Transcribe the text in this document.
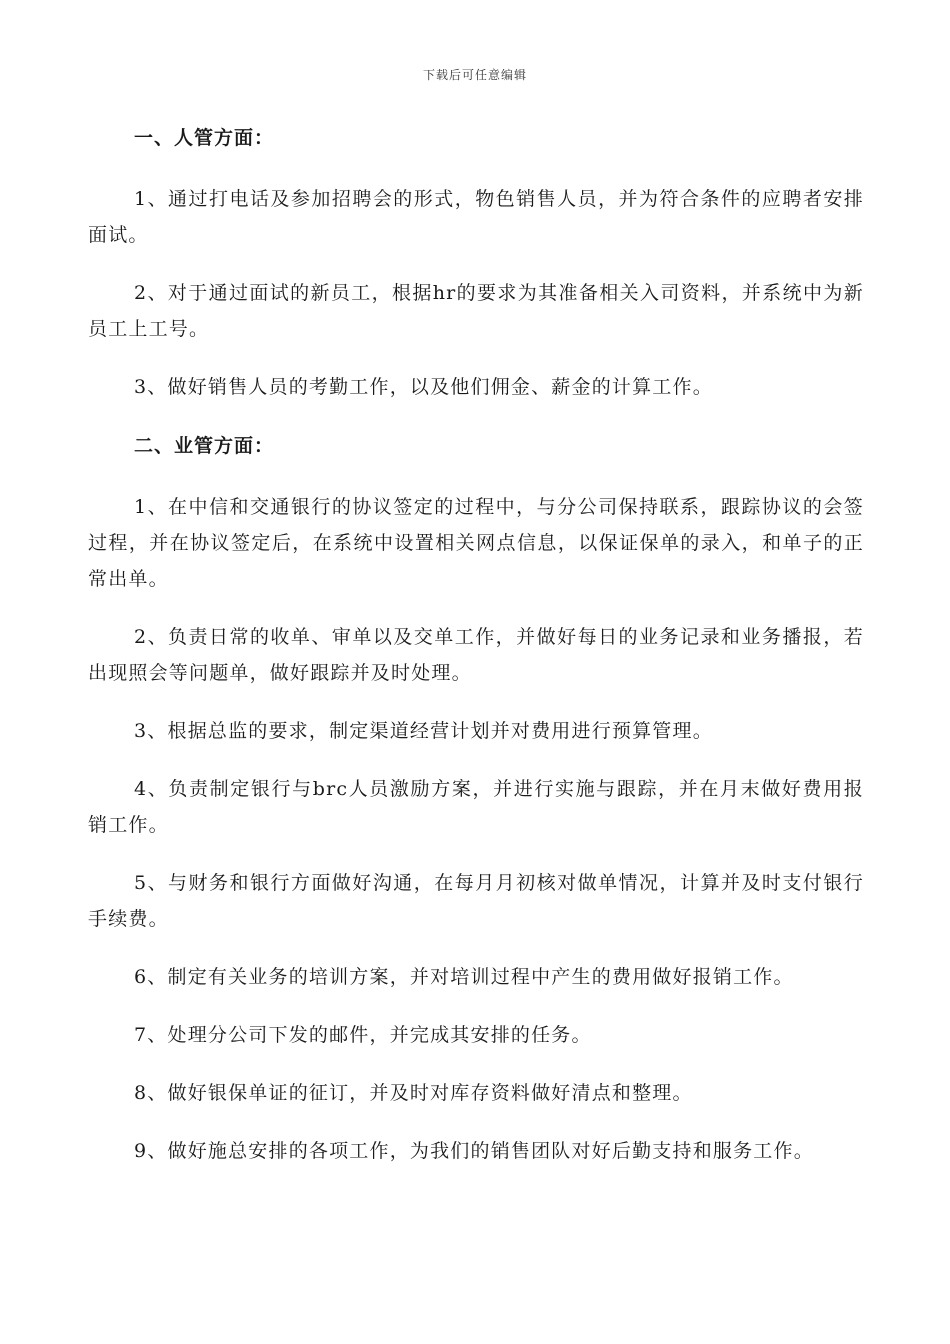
下载后可任意编辑
一、人管方面：

1、通过打电话及参加招聘会的形式，物色销售人员，并为符合条件的应聘者安排面试。

2、对于通过面试的新员工，根据hr的要求为其准备相关入司资料，并系统中为新员工上工号。

3、做好销售人员的考勤工作，以及他们佣金、薪金的计算工作。

二、业管方面：

1、在中信和交通银行的协议签定的过程中，与分公司保持联系，跟踪协议的会签过程，并在协议签定后，在系统中设置相关网点信息，以保证保单的录入，和单子的正常出单。

2、负责日常的收单、审单以及交单工作，并做好每日的业务记录和业务播报，若出现照会等问题单，做好跟踪并及时处理。

3、根据总监的要求，制定渠道经营计划并对费用进行预算管理。

4、负责制定银行与brc人员激励方案，并进行实施与跟踪，并在月末做好费用报销工作。

5、与财务和银行方面做好沟通，在每月月初核对做单情况，计算并及时支付银行手续费。

6、制定有关业务的培训方案，并对培训过程中产生的费用做好报销工作。

7、处理分公司下发的邮件，并完成其安排的任务。

8、做好银保单证的征订，并及时对库存资料做好清点和整理。

9、做好施总安排的各项工作，为我们的销售团队对好后勤支持和服务工作。
